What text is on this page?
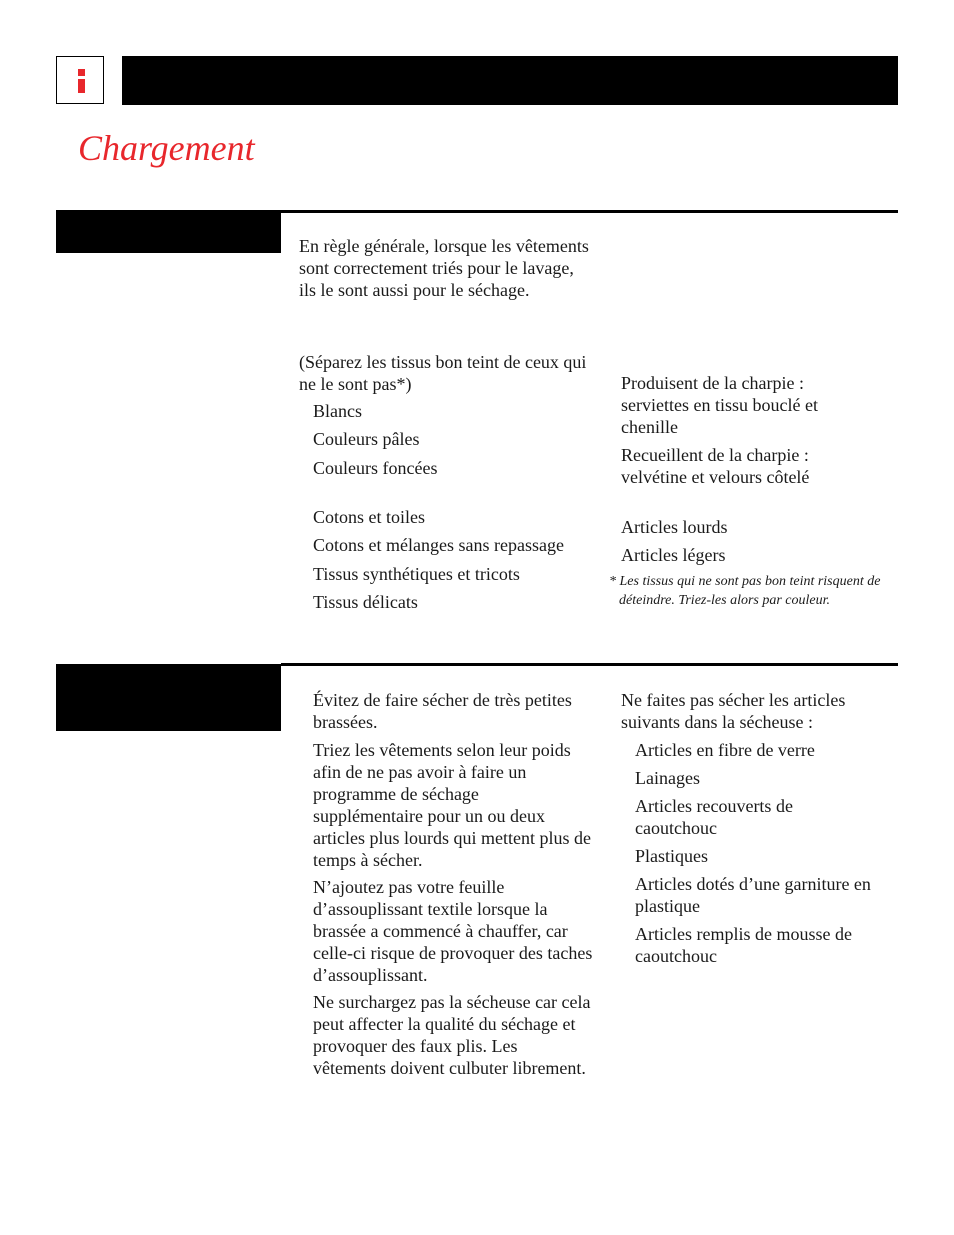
Chargement

En règle générale, lorsque les vêtements sont correctement triés pour le lavage, ils le sont aussi pour le séchage.

(Séparez les tissus bon teint de ceux qui ne le sont pas*)

Blancs

Couleurs pâles

Couleurs foncées

Cotons et toiles

Cotons et mélanges sans repassage

Tissus synthétiques et tricots

Tissus délicats

Produisent de la charpie : serviettes en tissu bouclé et chenille

Recueillent de la charpie : velvétine et velours côtelé

Articles lourds

Articles légers

* Les tissus qui ne sont pas bon teint risquent de déteindre. Triez-les alors par couleur.

Évitez de faire sécher de très petites brassées.

Triez les vêtements selon leur poids afin de ne pas avoir à faire un programme de séchage supplémentaire pour un ou deux articles plus lourds qui mettent plus de temps à sécher.

N’ajoutez pas votre feuille d’assouplissant textile lorsque la brassée a commencé à chauffer, car celle-ci risque de provoquer des taches d’assouplissant.

Ne surchargez pas la sécheuse car cela peut affecter la qualité du séchage et provoquer des faux plis. Les vêtements doivent culbuter librement.

Ne faites pas sécher les articles suivants dans la sécheuse :

Articles en fibre de verre

Lainages

Articles recouverts de caoutchouc

Plastiques

Articles dotés d’une garniture en plastique

Articles remplis de mousse de caoutchouc
